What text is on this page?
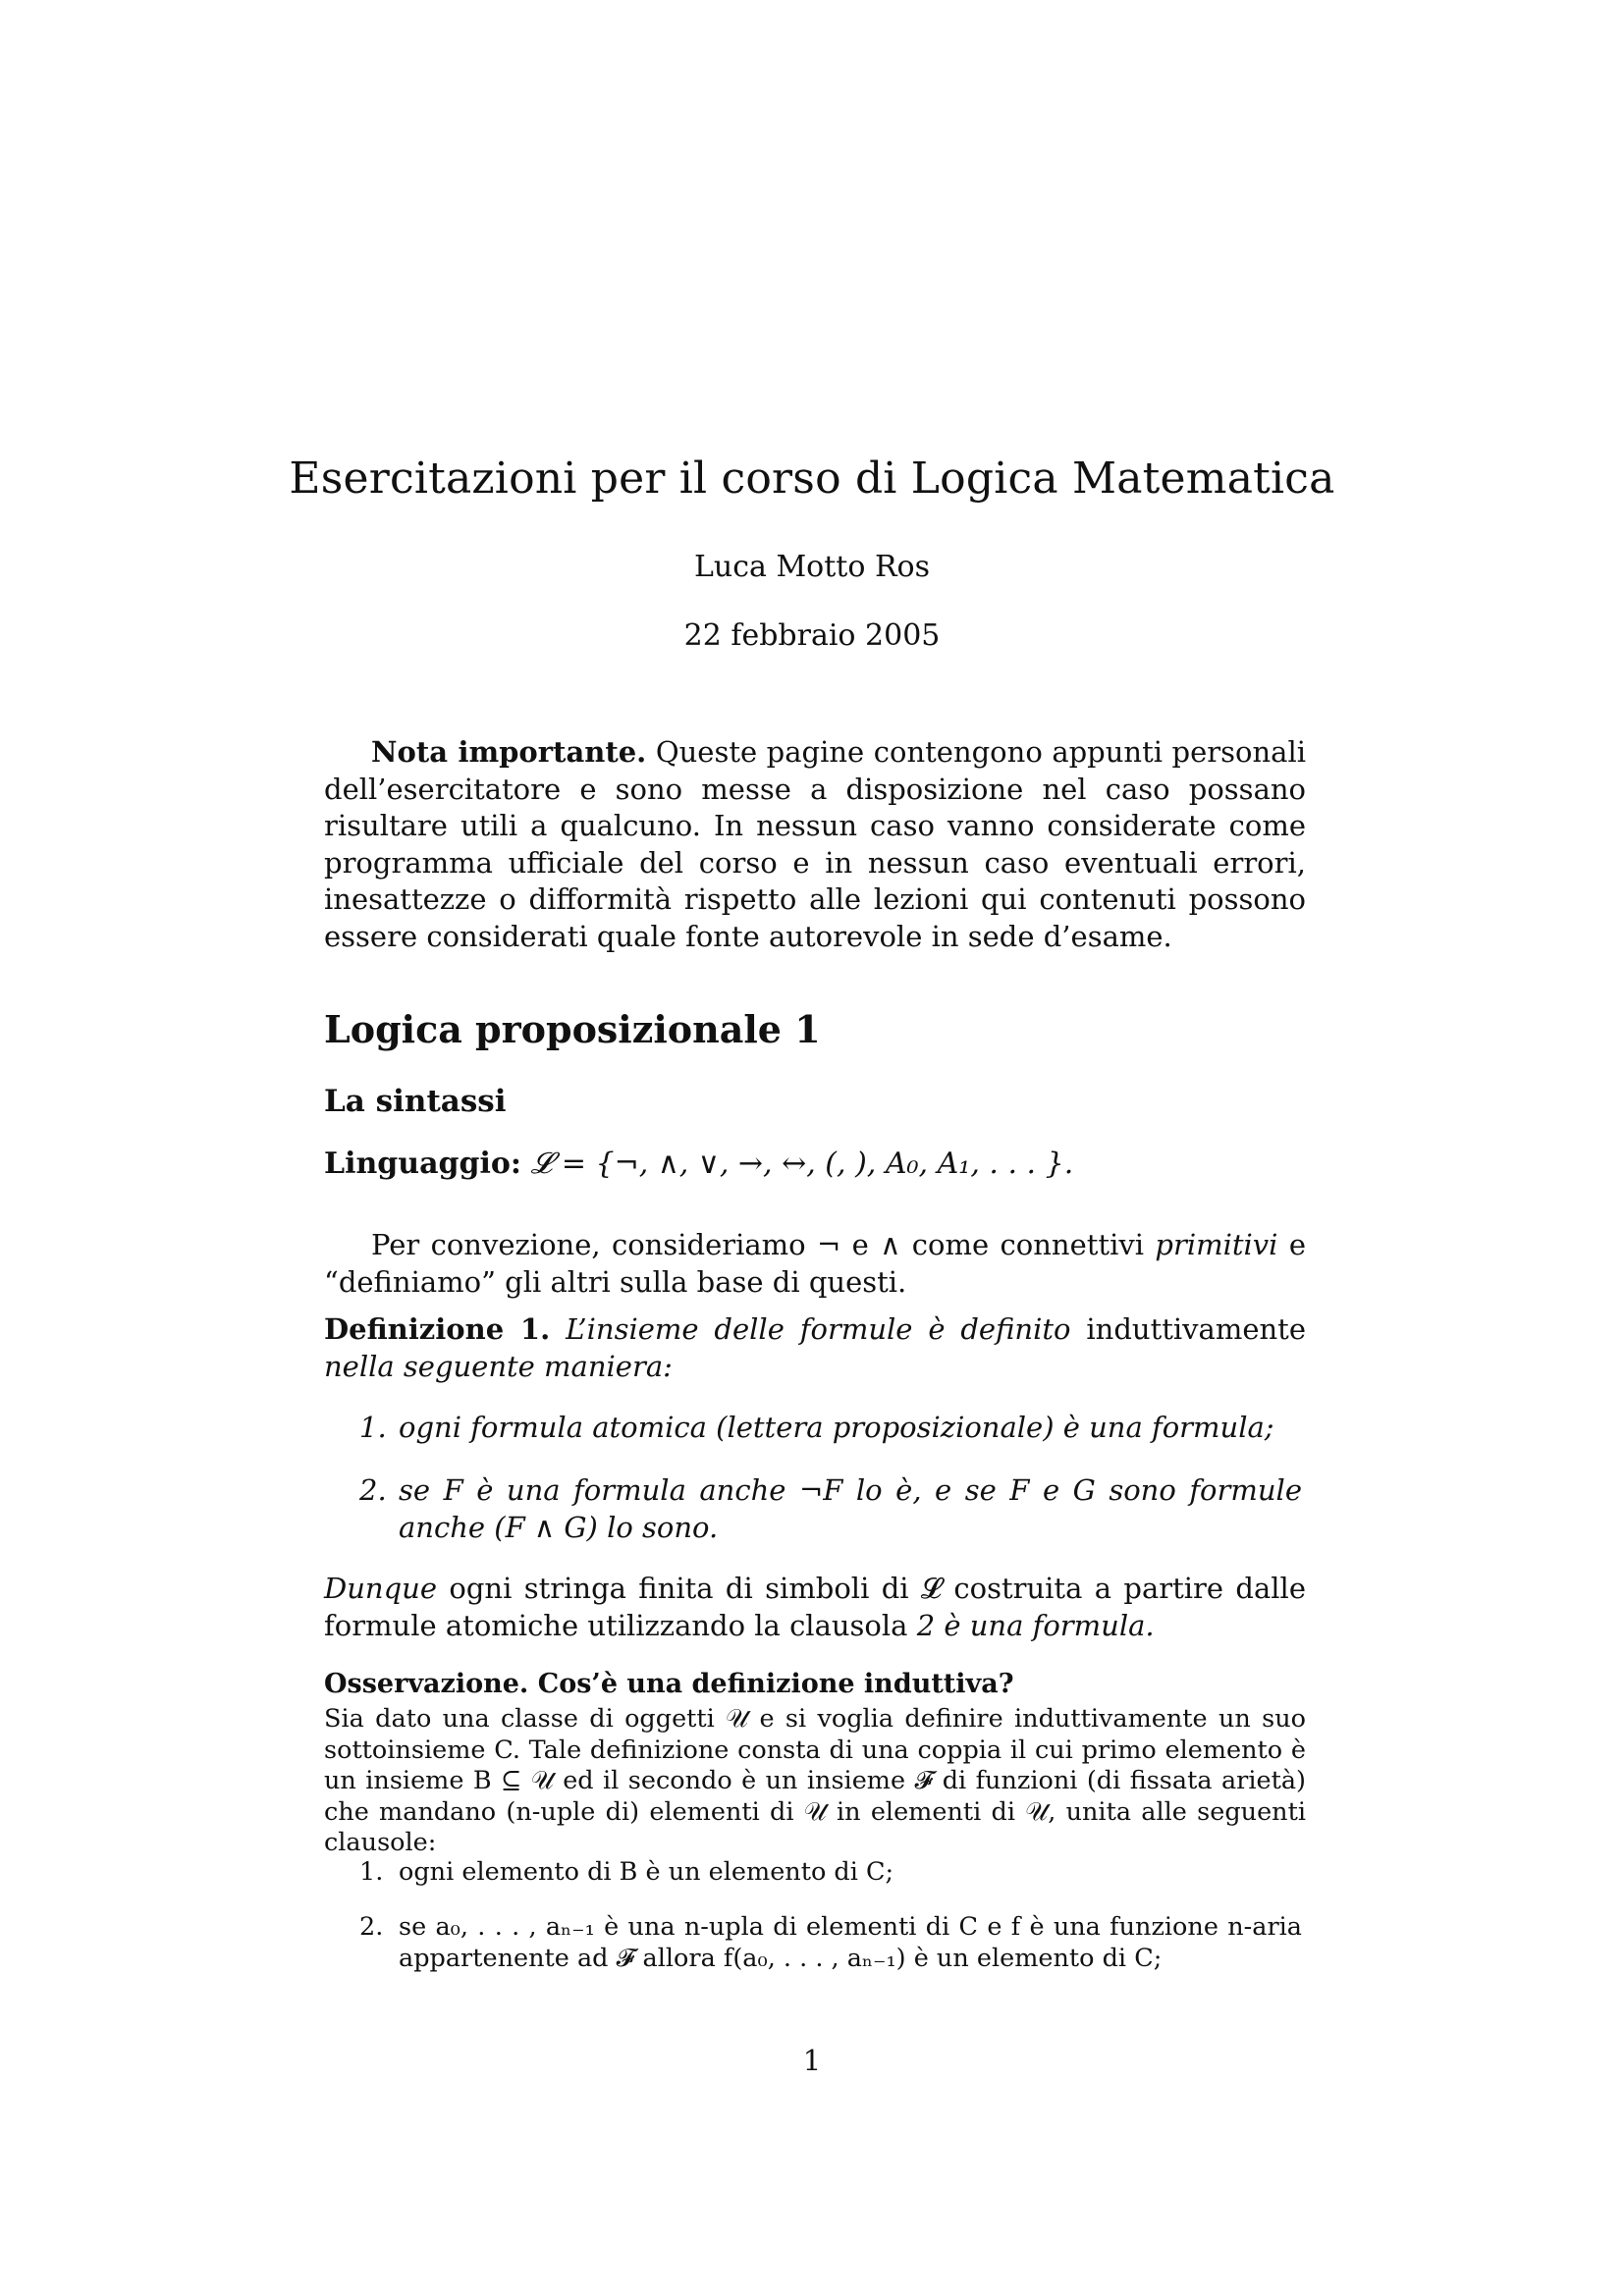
Esercitazioni per il corso di Logica Matematica
Luca Motto Ros
22 febbraio 2005

Nota importante. Queste pagine contengono appunti personali dell’esercitatore e sono messe a disposizione nel caso possano risultare utili a qualcuno. In nessun caso vanno considerate come programma ufficiale del corso e in nessun caso eventuali errori, inesattezze o difformità rispetto alle lezioni qui contenuti possono essere considerati quale fonte autorevole in sede d’esame.

Logica proposizionale 1
La sintassi

Linguaggio: 𝓛 = {¬, ∧, ∨, →, ↔, (, ), A₀, A₁, . . . }.

Per convezione, consideriamo ¬ e ∧ come connettivi primitivi e “definiamo” gli altri sulla base di questi.

Definizione 1. L’insieme delle formule è definito induttivamente nella seguente maniera:

1. ogni formula atomica (lettera proposizionale) è una formula;

2. se F è una formula anche ¬F lo è, e se F e G sono formule anche (F ∧ G) lo sono.

Dunque ogni stringa finita di simboli di 𝓛 costruita a partire dalle formule atomiche utilizzando la clausola 2 è una formula.

Osservazione. Cos’è una definizione induttiva?

Sia dato una classe di oggetti 𝒰 e si voglia definire induttivamente un suo sottoinsieme C. Tale definizione consta di una coppia il cui primo elemento è un insieme B ⊆ 𝒰 ed il secondo è un insieme 𝓕 di funzioni (di fissata arietà) che mandano (n-uple di) elementi di 𝒰 in elementi di 𝒰, unita alle seguenti clausole:

1. ogni elemento di B è un elemento di C;

2. se a₀, . . . , aₙ₋₁ è una n-upla di elementi di C e f è una funzione n-aria appartenente ad 𝓕 allora f(a₀, . . . , aₙ₋₁) è un elemento di C;

1
